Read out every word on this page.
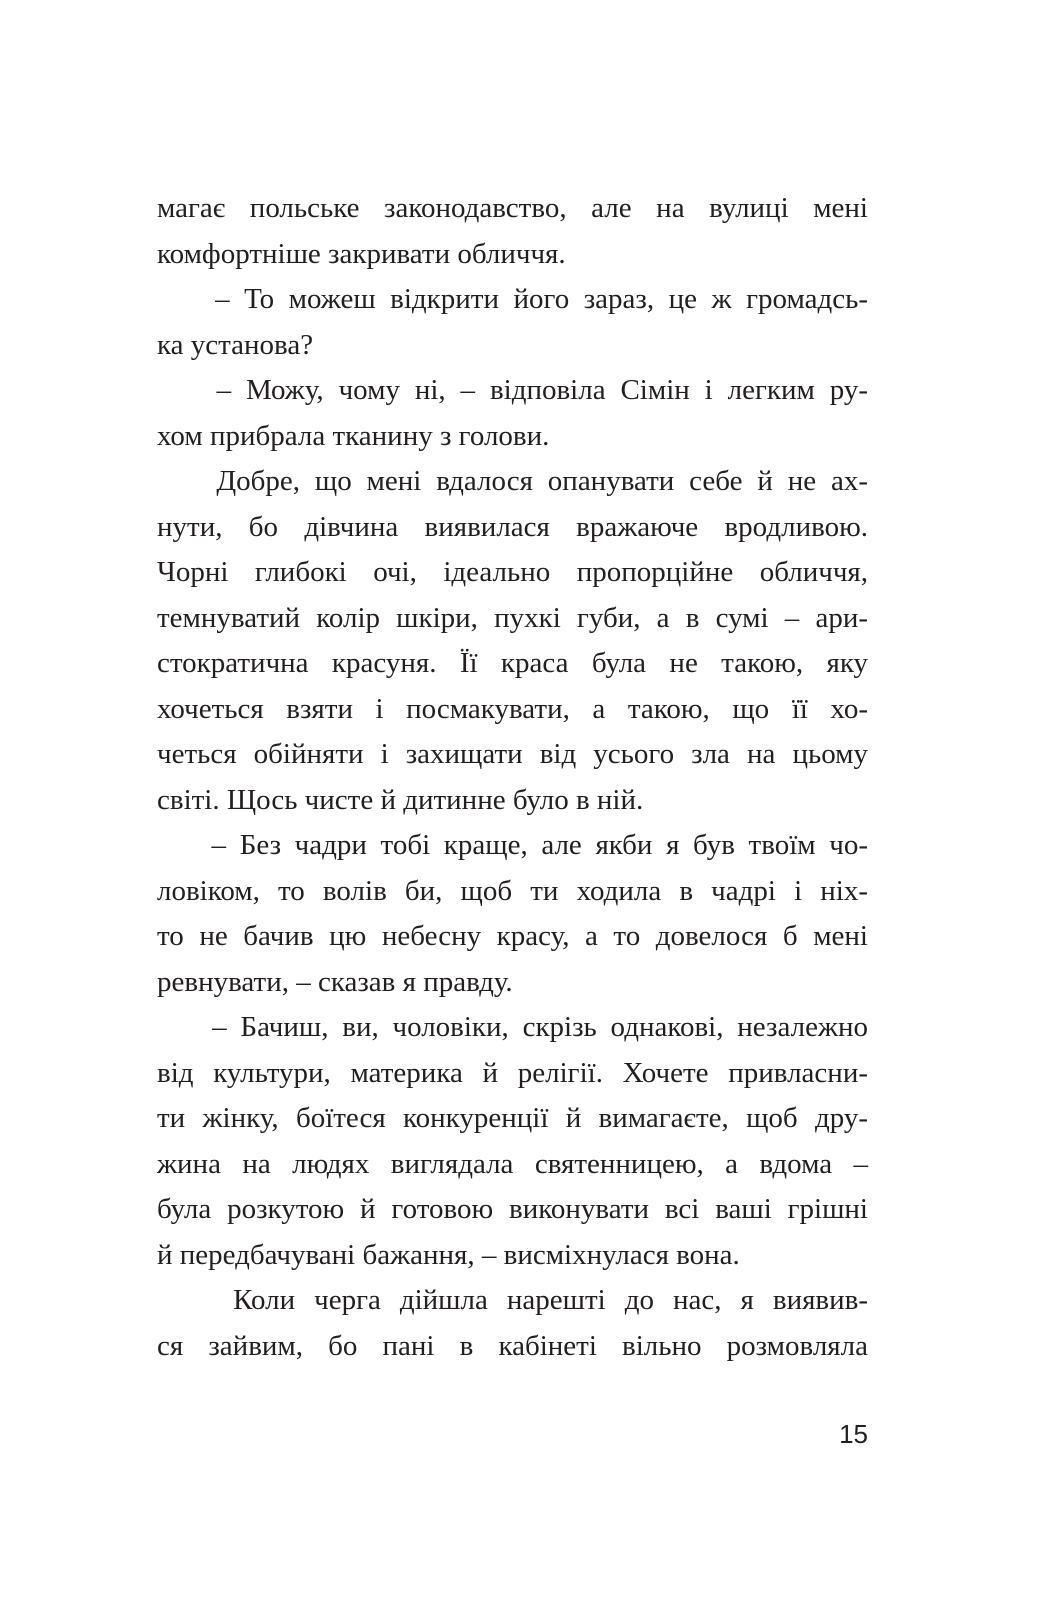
магає польське законодавство, але на вулиці мені
комфортніше закривати обличчя.
– То можеш відкрити його зараз, це ж громадсь-
ка установа?
– Можу, чому ні, – відповіла Сімін і легким ру-
хом прибрала тканину з голови.
Добре, що мені вдалося опанувати себе й не ах-
нути, бо дівчина виявилася вражаюче вродливою.
Чорні глибокі очі, ідеально пропорційне обличчя,
темнуватий колір шкіри, пухкі губи, а в сумі – ари-
стократична красуня. Її краса була не такою, яку
хочеться взяти і посмакувати, а такою, що її хо-
четься обійняти і захищати від усього зла на цьому
світі. Щось чисте й дитинне було в ній.
– Без чадри тобі краще, але якби я був твоїм чо-
ловіком, то волів би, щоб ти ходила в чадрі і ніх-
то не бачив цю небесну красу, а то довелося б мені
ревнувати, – сказав я правду.
– Бачиш, ви, чоловіки, скрізь однакові, незалежно
від культури, материка й релігії. Хочете привласни-
ти жінку, боїтеся конкуренції й вимагаєте, щоб дру-
жина на людях виглядала святенницею, а вдома –
була розкутою й готовою виконувати всі ваші грішні
й передбачувані бажання, – висміхнулася вона.
Коли черга дійшла нарешті до нас, я виявив-
ся зайвим, бо пані в кабінеті вільно розмовляла
15
